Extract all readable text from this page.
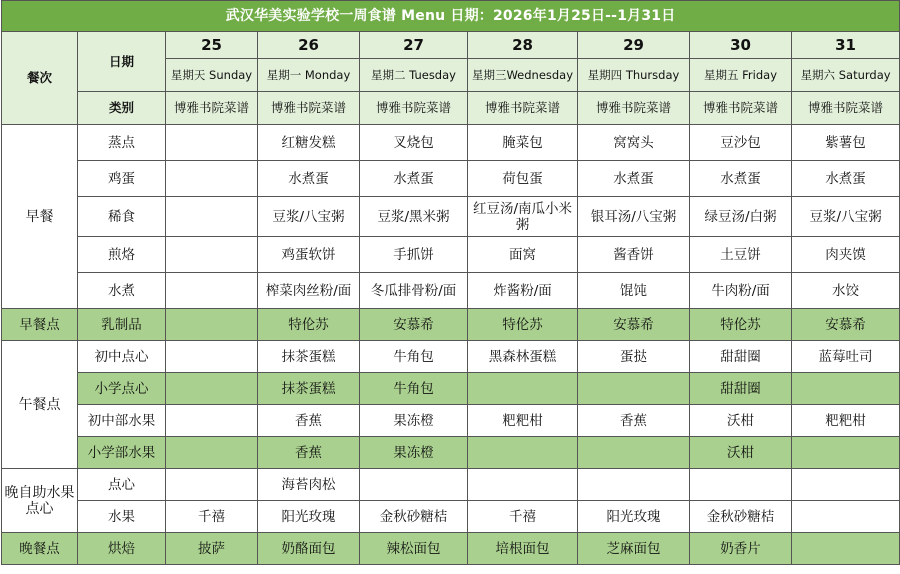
武汉华美实验学校一周食谱 Menu 日期：2026年1月25日--1月31日								
餐次	日期	25	26	27	28	29	30	31
		星期天 Sunday	星期一 Monday	星期二 Tuesday	星期三Wednesday	星期四 Thursday	星期五 Friday	星期六 Saturday
	类别	博雅书院菜谱	博雅书院菜谱	博雅书院菜谱	博雅书院菜谱	博雅书院菜谱	博雅书院菜谱	博雅书院菜谱
早餐	蒸点		红糖发糕	叉烧包	腌菜包	窝窝头	豆沙包	紫薯包
	鸡蛋		水煮蛋	水煮蛋	荷包蛋	水煮蛋	水煮蛋	水煮蛋
	稀食		豆浆/八宝粥	豆浆/黑米粥	红豆汤/南瓜小米粥	银耳汤/八宝粥	绿豆汤/白粥	豆浆/八宝粥
	煎烙		鸡蛋软饼	手抓饼	面窝	酱香饼	土豆饼	肉夹馍
	水煮		榨菜肉丝粉/面	冬瓜排骨粉/面	炸酱粉/面	馄饨	牛肉粉/面	水饺
早餐点	乳制品		特伦苏	安慕希	特伦苏	安慕希	特伦苏	安慕希
午餐点	初中点心		抹茶蛋糕	牛角包	黑森林蛋糕	蛋挞	甜甜圈	蓝莓吐司
	小学点心		抹茶蛋糕	牛角包			甜甜圈	
	初中部水果		香蕉	果冻橙	粑粑柑	香蕉	沃柑	粑粑柑
	小学部水果		香蕉	果冻橙			沃柑	
晚自助水果点心	点心		海苔肉松					
	水果	千禧	阳光玫瑰	金秋砂糖桔	千禧	阳光玫瑰	金秋砂糖桔	
晚餐点	烘焙	披萨	奶酪面包	辣松面包	培根面包	芝麻面包	奶香片	
